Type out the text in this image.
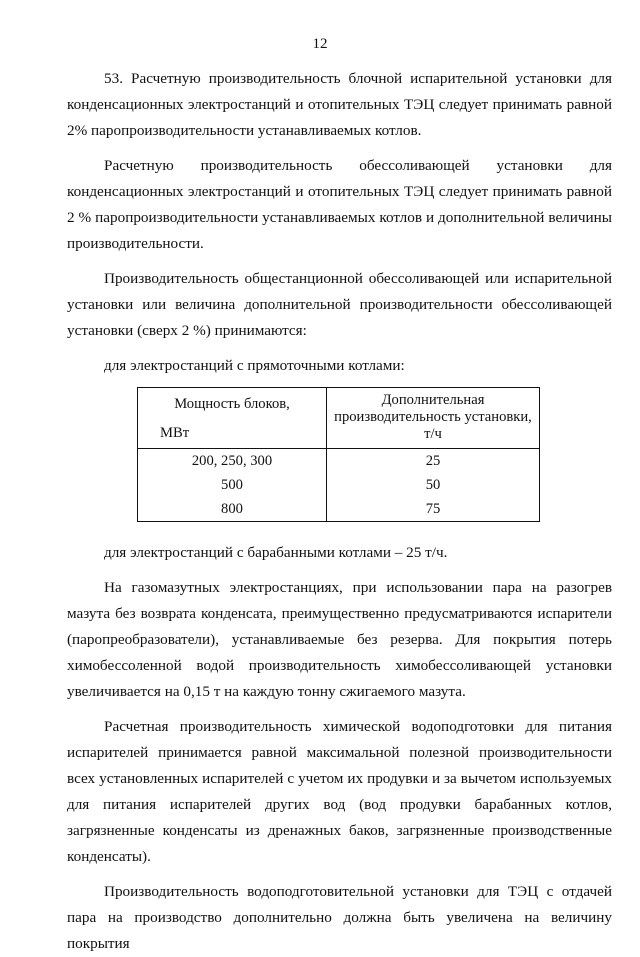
12

53. Расчетную производительность блочной испарительной установки для конденсационных электростанций и отопительных ТЭЦ следует принимать равной 2% паропроизводительности устанавливаемых котлов.

Расчетную производительность обессоливающей установки для конденсационных электростанций и отопительных ТЭЦ следует принимать равной 2 % паропроизводительности устанавливаемых котлов и дополнительной величины производительности.

Производительность общестанционной обессоливающей или испарительной установки или величина дополнительной производительности обессоливающей установки (сверх 2 %) принимаются:

для электростанций с прямоточными котлами:
Мощность блоков,
МВт	Дополнительная производительность установки, т/ч

200, 250, 300	25
500	50
800	75
для электростанций с барабанными котлами – 25 т/ч.

На газомазутных электростанциях, при использовании пара на разогрев мазута без возврата конденсата, преимущественно предусматриваются испарители (паропреобразователи), устанавливаемые без резерва. Для покрытия потерь химобессоленной водой производительность химобессоливающей установки увеличивается на 0,15 т на каждую тонну сжигаемого мазута.

Расчетная производительность химической водоподготовки для питания испарителей принимается равной максимальной полезной производительности всех установленных испарителей с учетом их продувки и за вычетом используемых для питания испарителей других вод (вод продувки барабанных котлов, загрязненные конденсаты из дренажных баков, загрязненные производственные конденсаты).

Производительность водоподготовительной установки для ТЭЦ с отдачей пара на производство дополнительно должна быть увеличена на величину покрытия
